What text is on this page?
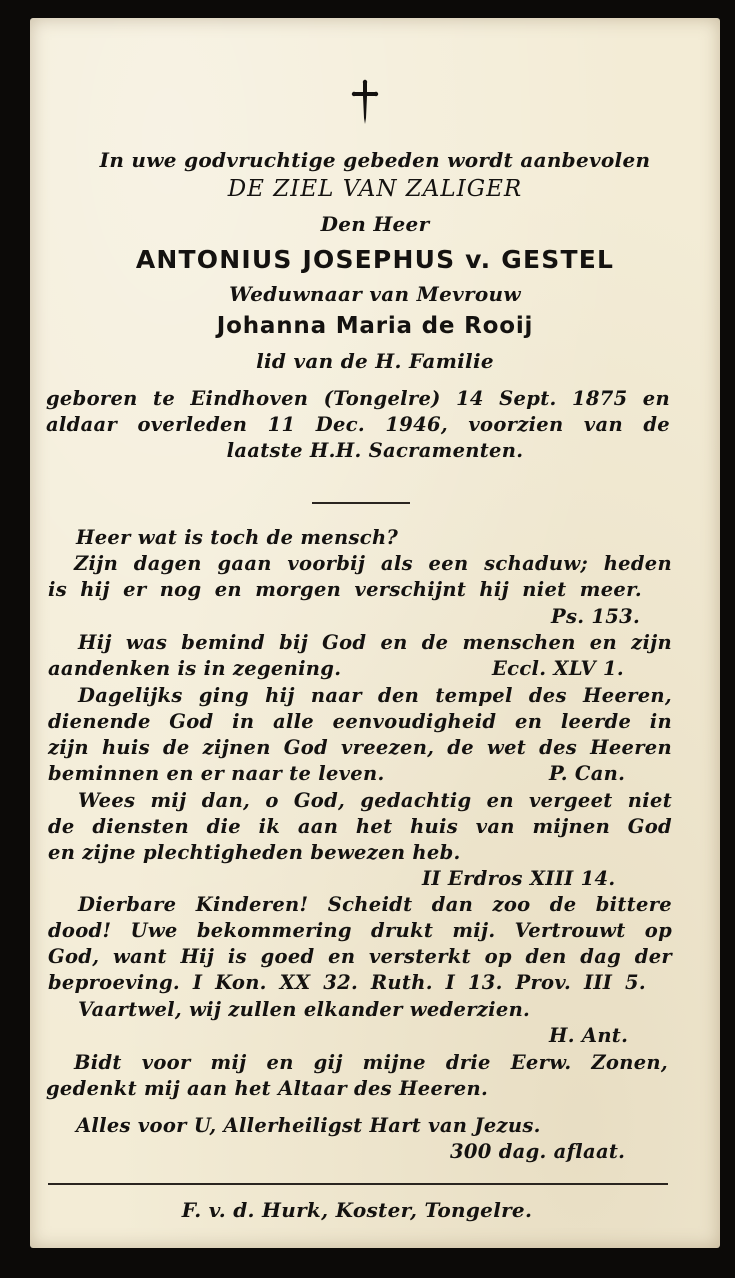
In uwe godvruchtige gebeden wordt aanbevolen
DE ZIEL VAN ZALIGER
Den Heer
ANTONIUS JOSEPHUS v. GESTEL
Weduwnaar van Mevrouw
Johanna Maria de Rooij
lid van de H. Familie
geboren te Eindhoven (Tongelre) 14 Sept. 1875 en
aldaar overleden 11 Dec. 1946, voorzien van de
laatste H.H. Sacramenten.
Heer wat is toch de mensch?
Zijn dagen gaan voorbij als een schaduw; heden
is hij er nog en morgen verschijnt hij niet meer.
Ps. 153.
Hij was bemind bij God en de menschen en zijn
aandenken is in zegening.	Eccl. XLV 1.
Dagelijks ging hij naar den tempel des Heeren,
dienende God in alle eenvoudigheid en leerde in
zijn huis de zijnen God vreezen, de wet des Heeren
beminnen en er naar te leven.	P. Can.
Wees mij dan, o God, gedachtig en vergeet niet
de diensten die ik aan het huis van mijnen God
en zijne plechtigheden bewezen heb.
II Erdros XIII 14.
Dierbare Kinderen! Scheidt dan zoo de bittere
dood! Uwe bekommering drukt mij. Vertrouwt op
God, want Hij is goed en versterkt op den dag der
beproeving. I Kon. XX 32. Ruth. I 13. Prov. III 5.
Vaartwel, wij zullen elkander wederzien.
H. Ant.
Bidt voor mij en gij mijne drie Eerw. Zonen,
gedenkt mij aan het Altaar des Heeren.
Alles voor U, Allerheiligst Hart van Jezus.
300 dag. aflaat.
F. v. d. Hurk, Koster, Tongelre.
